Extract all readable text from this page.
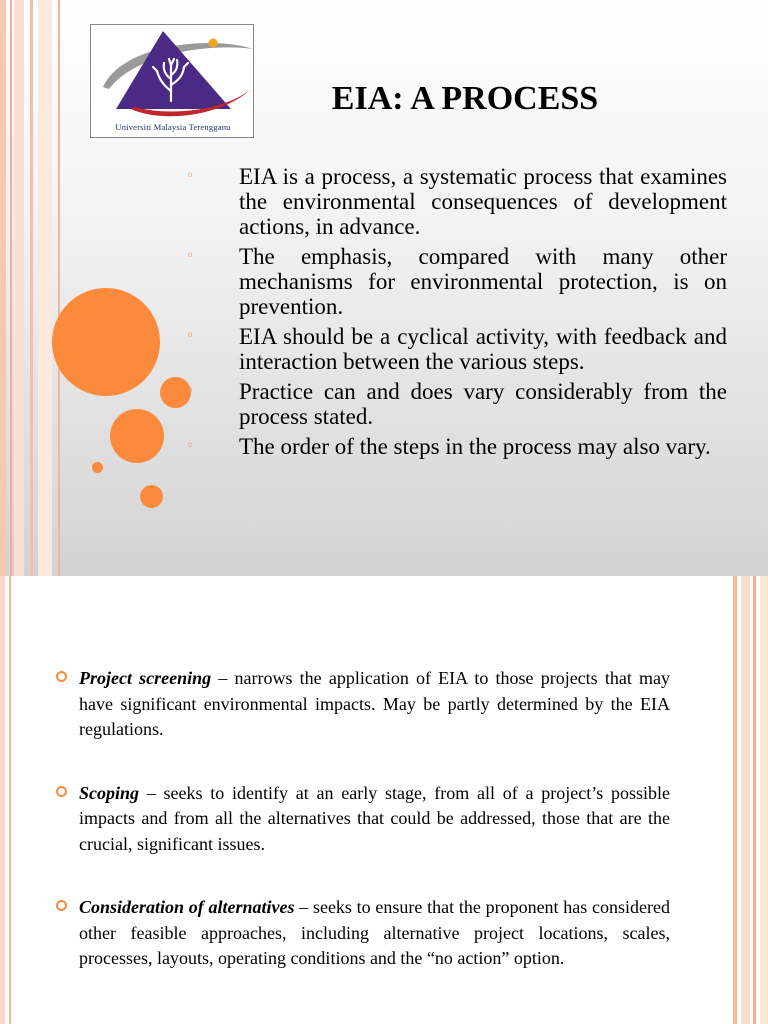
Universiti Malaysia Terengganu
EIA: A PROCESS
◦ EIA is a process, a systematic process that examines the environmental consequences of development actions, in advance.
◦ The emphasis, compared with many other mechanisms for environmental protection, is on prevention.
◦ EIA should be a cyclical activity, with feedback and interaction between the various steps.
◦ Practice can and does vary considerably from the process stated.
◦ The order of the steps in the process may also vary.
Project screening – narrows the application of EIA to those projects that may have significant environmental impacts. May be partly determined by the EIA regulations.
Scoping – seeks to identify at an early stage, from all of a project’s possible impacts and from all the alternatives that could be addressed, those that are the crucial, significant issues.
Consideration of alternatives – seeks to ensure that the proponent has considered other feasible approaches, including alternative project locations, scales, processes, layouts, operating conditions and the “no action” option.
